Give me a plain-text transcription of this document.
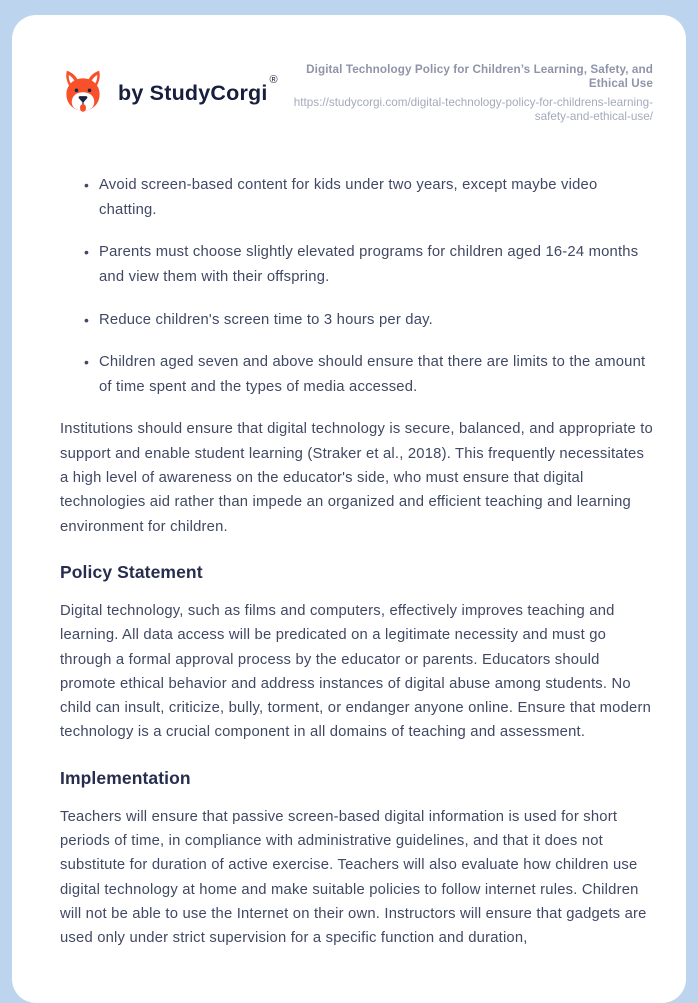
by StudyCorgi®
Digital Technology Policy for Children’s Learning, Safety, and Ethical Use
https://studycorgi.com/digital-technology-policy-for-childrens-learning-safety-and-ethical-use/
• Avoid screen-based content for kids under two years, except maybe video chatting.
• Parents must choose slightly elevated programs for children aged 16-24 months and view them with their offspring.
• Reduce children's screen time to 3 hours per day.
• Children aged seven and above should ensure that there are limits to the amount of time spent and the types of media accessed.

Institutions should ensure that digital technology is secure, balanced, and appropriate to support and enable student learning (Straker et al., 2018). This frequently necessitates a high level of awareness on the educator's side, who must ensure that digital technologies aid rather than impede an organized and efficient teaching and learning environment for children.

Policy Statement

Digital technology, such as films and computers, effectively improves teaching and learning. All data access will be predicated on a legitimate necessity and must go through a formal approval process by the educator or parents. Educators should promote ethical behavior and address instances of digital abuse among students. No child can insult, criticize, bully, torment, or endanger anyone online. Ensure that modern technology is a crucial component in all domains of teaching and assessment.

Implementation

Teachers will ensure that passive screen-based digital information is used for short periods of time, in compliance with administrative guidelines, and that it does not substitute for duration of active exercise. Teachers will also evaluate how children use digital technology at home and make suitable policies to follow internet rules. Children will not be able to use the Internet on their own. Instructors will ensure that gadgets are used only under strict supervision for a specific function and duration,
